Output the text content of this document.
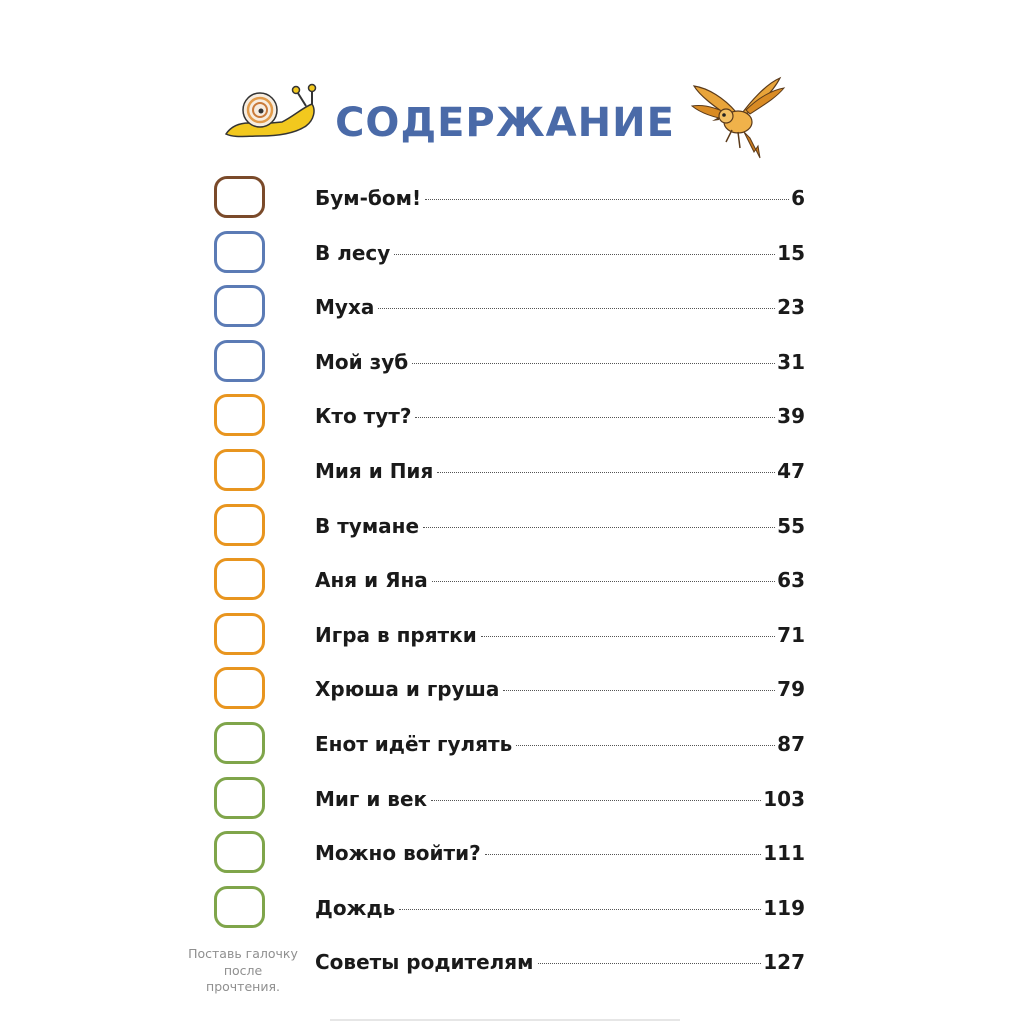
СОДЕРЖАНИЕ
Поставь галочку после прочтения.
Бум-бом!	6
В лесу	15
Муха	23
Мой зуб	31
Кто тут?	39
Мия и Пия	47
В тумане	55
Аня и Яна	63
Игра в прятки	71
Хрюша и груша	79
Енот идёт гулять	87
Миг и век	103
Можно войти?	111
Дождь	119
Советы родителям	127
